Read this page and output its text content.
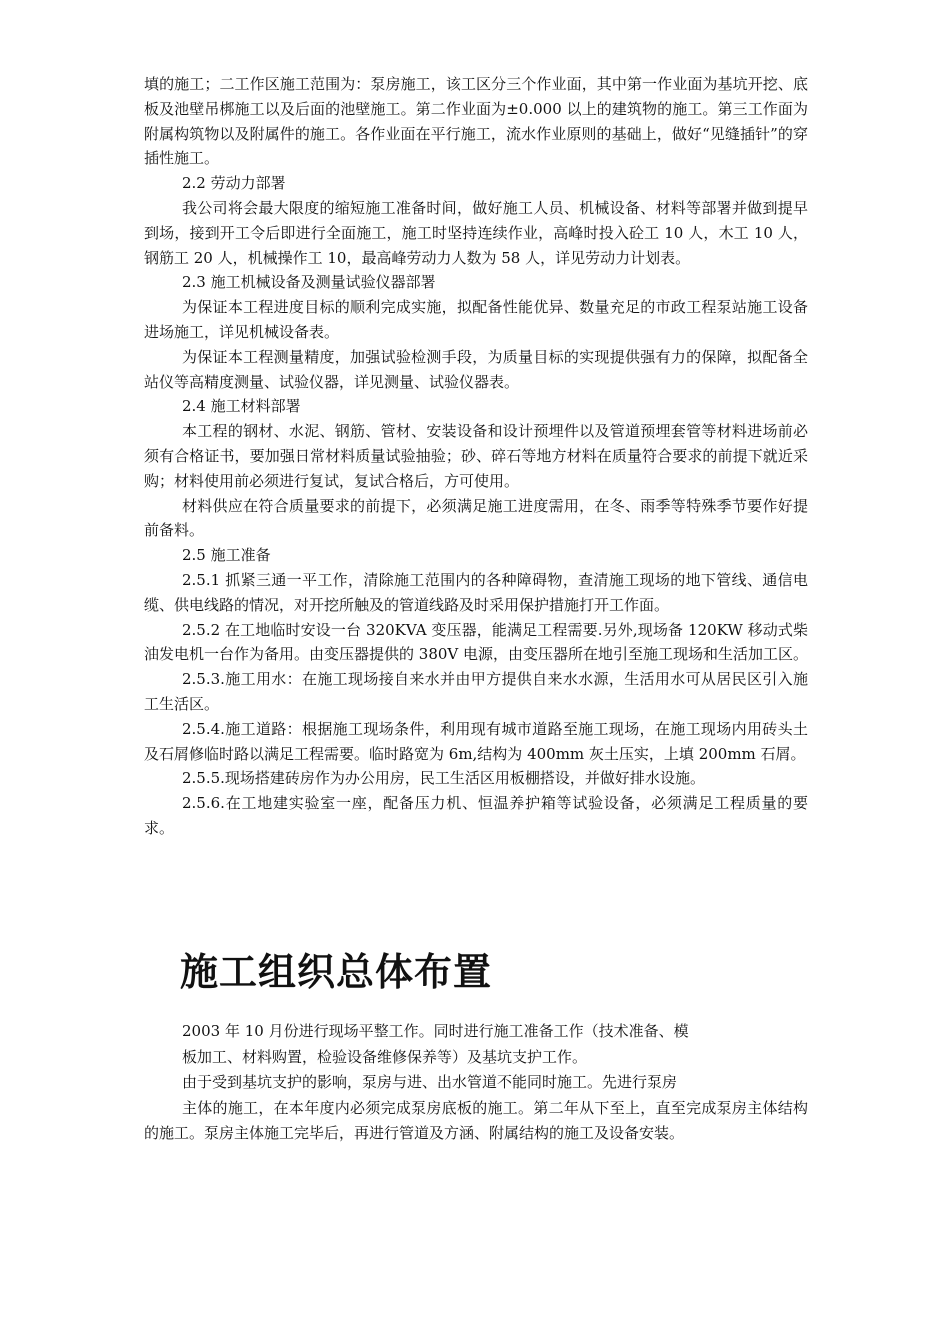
填的施工；二工作区施工范围为：泵房施工，该工区分三个作业面，其中第一作业面为基坑开挖、底板及池壁吊梆施工以及后面的池壁施工。第二作业面为±0.000 以上的建筑物的施工。第三工作面为附属构筑物以及附属件的施工。各作业面在平行施工，流水作业原则的基础上，做好“见缝插针”的穿插性施工。

2.2 劳动力部署

我公司将会最大限度的缩短施工准备时间，做好施工人员、机械设备、材料等部署并做到提早到场，接到开工令后即进行全面施工，施工时坚持连续作业，高峰时投入砼工 10 人，木工 10 人，钢筋工 20 人，机械操作工 10，最高峰劳动力人数为 58 人，详见劳动力计划表。

2.3 施工机械设备及测量试验仪器部署

为保证本工程进度目标的顺利完成实施，拟配备性能优异、数量充足的市政工程泵站施工设备进场施工，详见机械设备表。

为保证本工程测量精度，加强试验检测手段，为质量目标的实现提供强有力的保障，拟配备全站仪等高精度测量、试验仪器，详见测量、试验仪器表。

2.4 施工材料部署

本工程的钢材、水泥、钢筋、管材、安装设备和设计预埋件以及管道预埋套管等材料进场前必须有合格证书，要加强日常材料质量试验抽验；砂、碎石等地方材料在质量符合要求的前提下就近采购；材料使用前必须进行复试，复试合格后，方可使用。

材料供应在符合质量要求的前提下，必须满足施工进度需用，在冬、雨季等特殊季节要作好提前备料。

2.5 施工准备

2.5.1 抓紧三通一平工作，清除施工范围内的各种障碍物，查清施工现场的地下管线、通信电缆、供电线路的情况，对开挖所触及的管道线路及时采用保护措施打开工作面。

2.5.2 在工地临时安设一台 320KVA 变压器，能满足工程需要.另外,现场备 120KW 移动式柴油发电机一台作为备用。由变压器提供的 380V 电源，由变压器所在地引至施工现场和生活加工区。

2.5.3.施工用水：在施工现场接自来水并由甲方提供自来水水源，生活用水可从居民区引入施工生活区。

2.5.4.施工道路：根据施工现场条件，利用现有城市道路至施工现场，在施工现场内用砖头土及石屑修临时路以满足工程需要。临时路宽为 6m,结构为 400mm 灰土压实，上填 200mm 石屑。

2.5.5.现场搭建砖房作为办公用房，民工生活区用板棚搭设，并做好排水设施。

2.5.6.在工地建实验室一座，配备压力机、恒温养护箱等试验设备，必须满足工程质量的要求。

施工组织总体布置

2003 年 10 月份进行现场平整工作。同时进行施工准备工作（技术准备、模

板加工、材料购置，检验设备维修保养等）及基坑支护工作。

由于受到基坑支护的影响，泵房与进、出水管道不能同时施工。先进行泵房

主体的施工，在本年度内必须完成泵房底板的施工。第二年从下至上，直至完成泵房主体结构的施工。泵房主体施工完毕后，再进行管道及方涵、附属结构的施工及设备安装。
